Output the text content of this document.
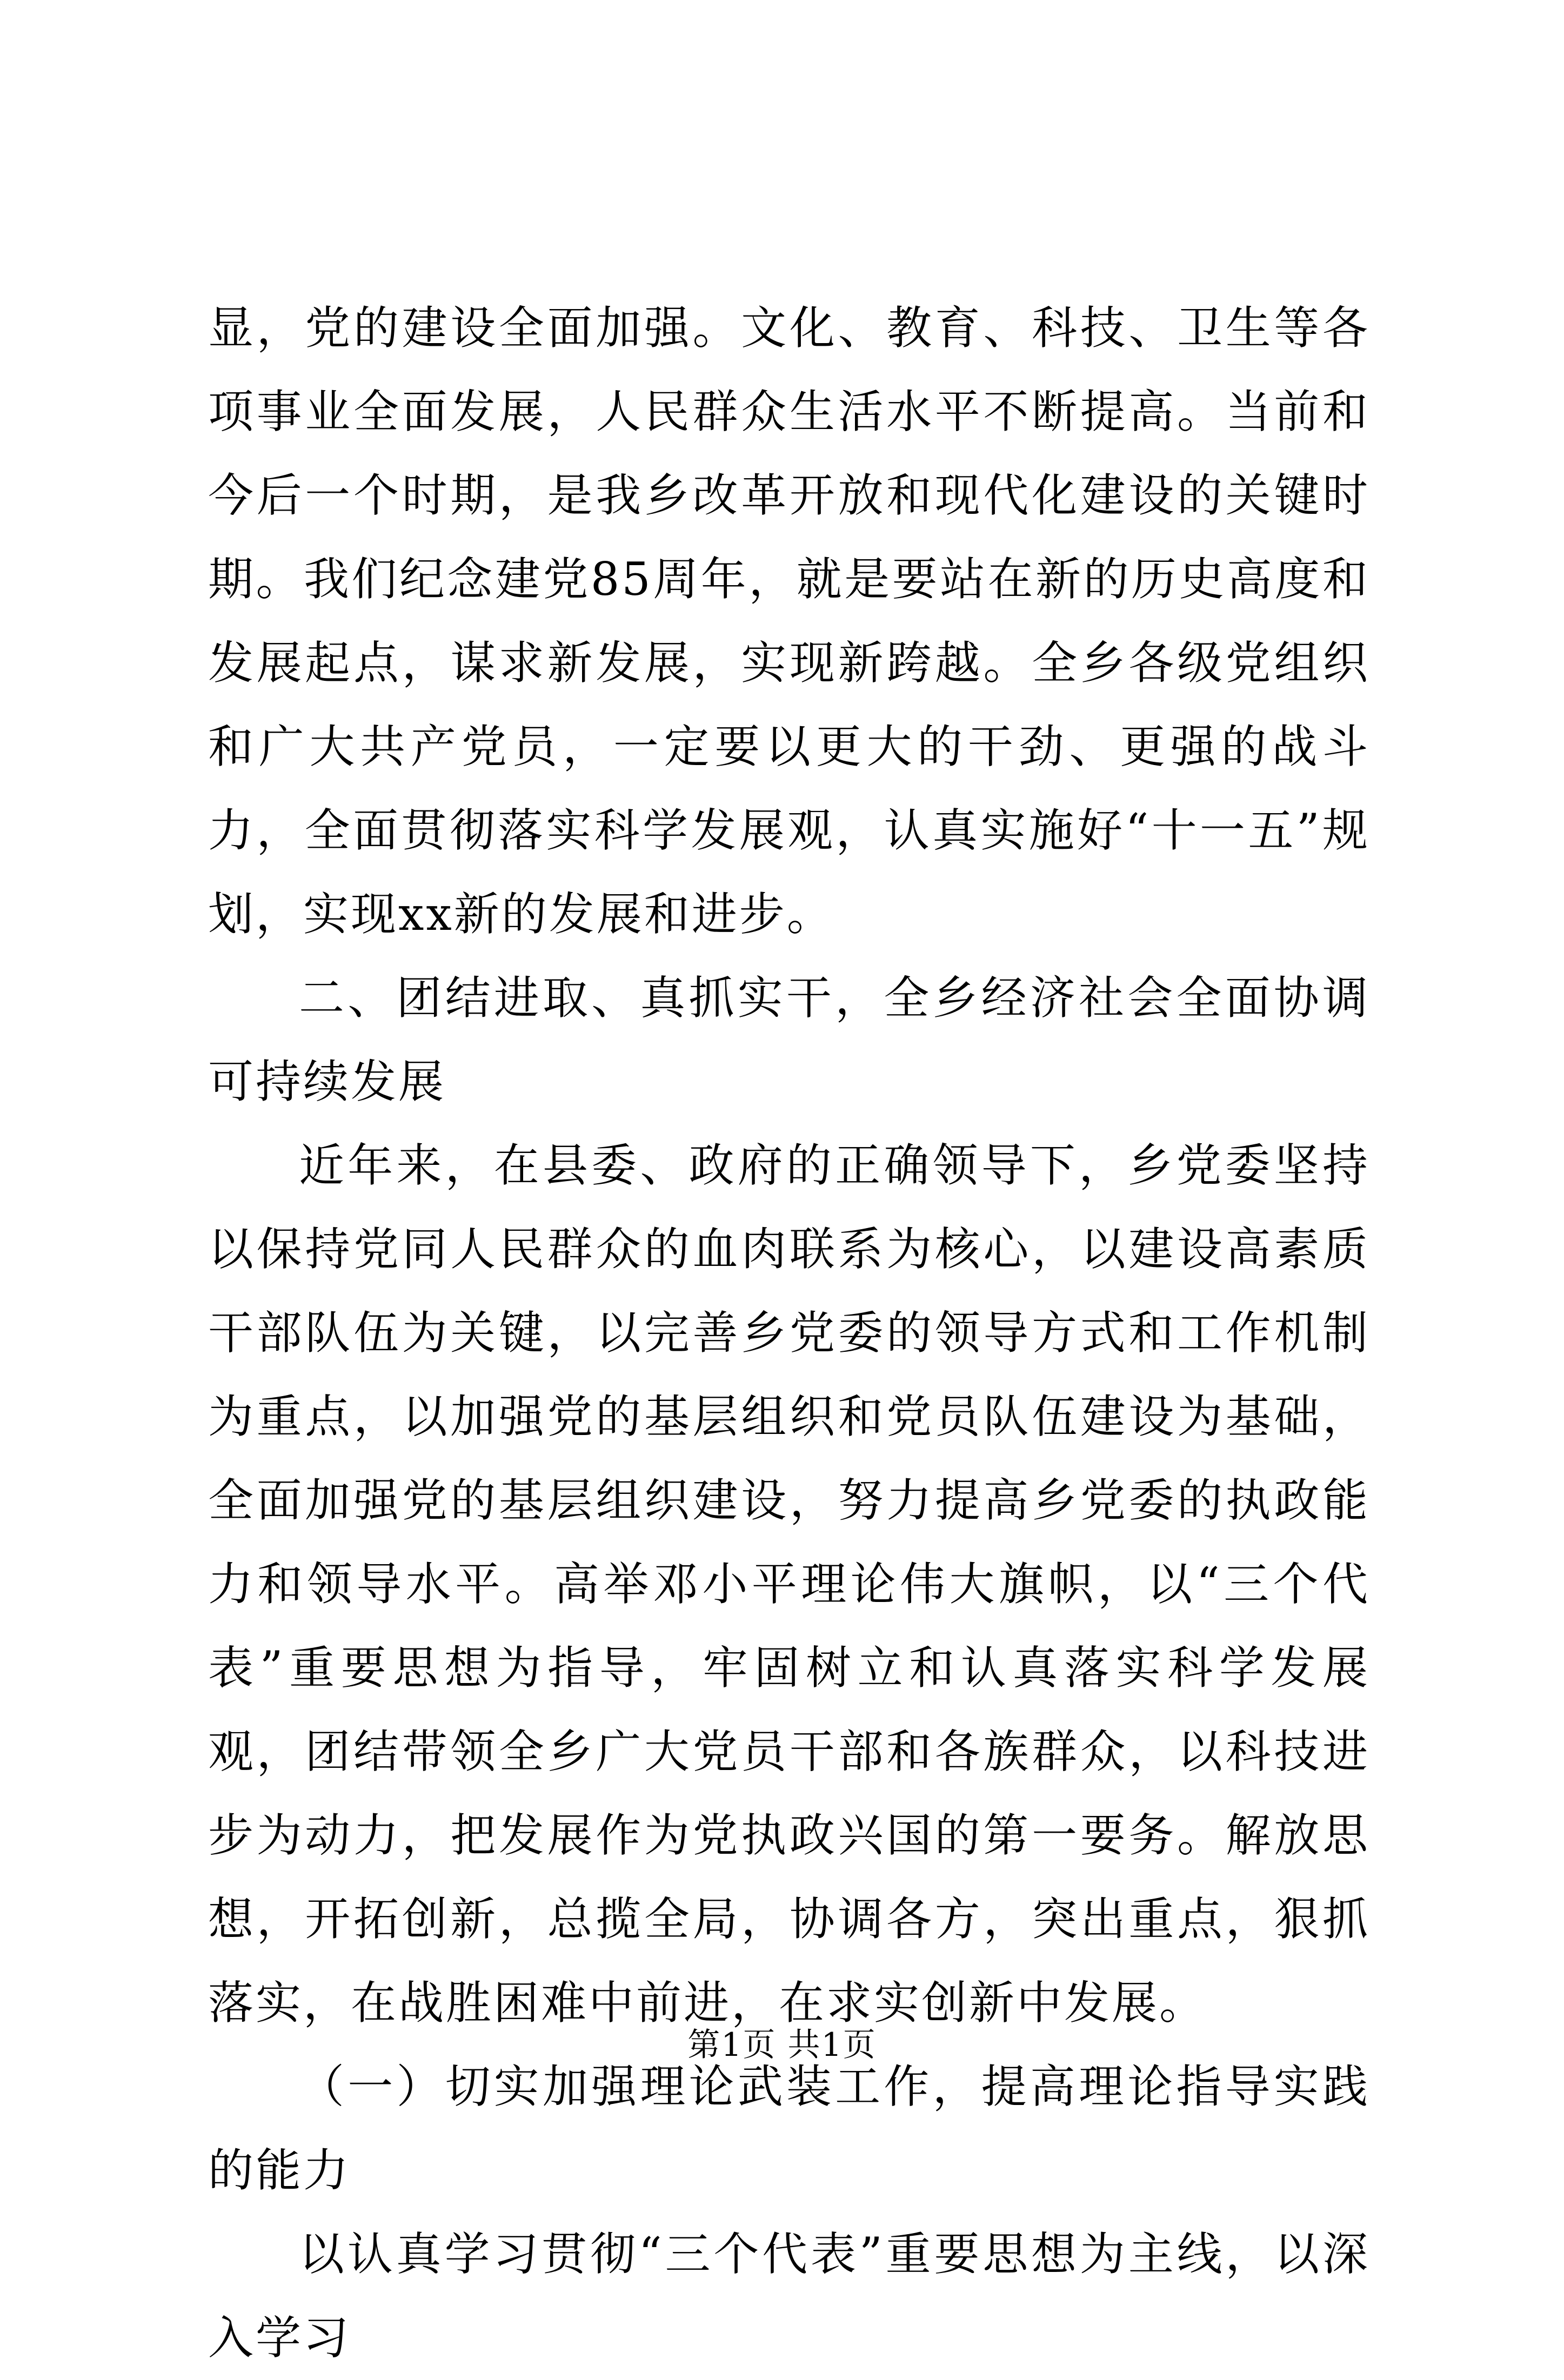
显，党的建设全面加强。文化、教育、科技、卫生等各项事业全面发展，人民群众生活水平不断提高。当前和今后一个时期，是我乡改革开放和现代化建设的关键时期。我们纪念建党85周年，就是要站在新的历史高度和发展起点，谋求新发展，实现新跨越。全乡各级党组织和广大共产党员，一定要以更大的干劲、更强的战斗力，全面贯彻落实科学发展观，认真实施好“十一五”规划，实现xx新的发展和进步。

二、团结进取、真抓实干，全乡经济社会全面协调可持续发展

近年来，在县委、政府的正确领导下，乡党委坚持以保持党同人民群众的血肉联系为核心，以建设高素质干部队伍为关键，以完善乡党委的领导方式和工作机制为重点，以加强党的基层组织和党员队伍建设为基础，全面加强党的基层组织建设，努力提高乡党委的执政能力和领导水平。高举邓小平理论伟大旗帜，以“三个代表”重要思想为指导，牢固树立和认真落实科学发展观，团结带领全乡广大党员干部和各族群众，以科技进步为动力，把发展作为党执政兴国的第一要务。解放思想，开拓创新，总揽全局，协调各方，突出重点，狠抓落实，在战胜困难中前进，在求实创新中发展。

（一）切实加强理论武装工作，提高理论指导实践的能力

以认真学习贯彻“三个代表”重要思想为主线，以深入学习

第1页 共1页
